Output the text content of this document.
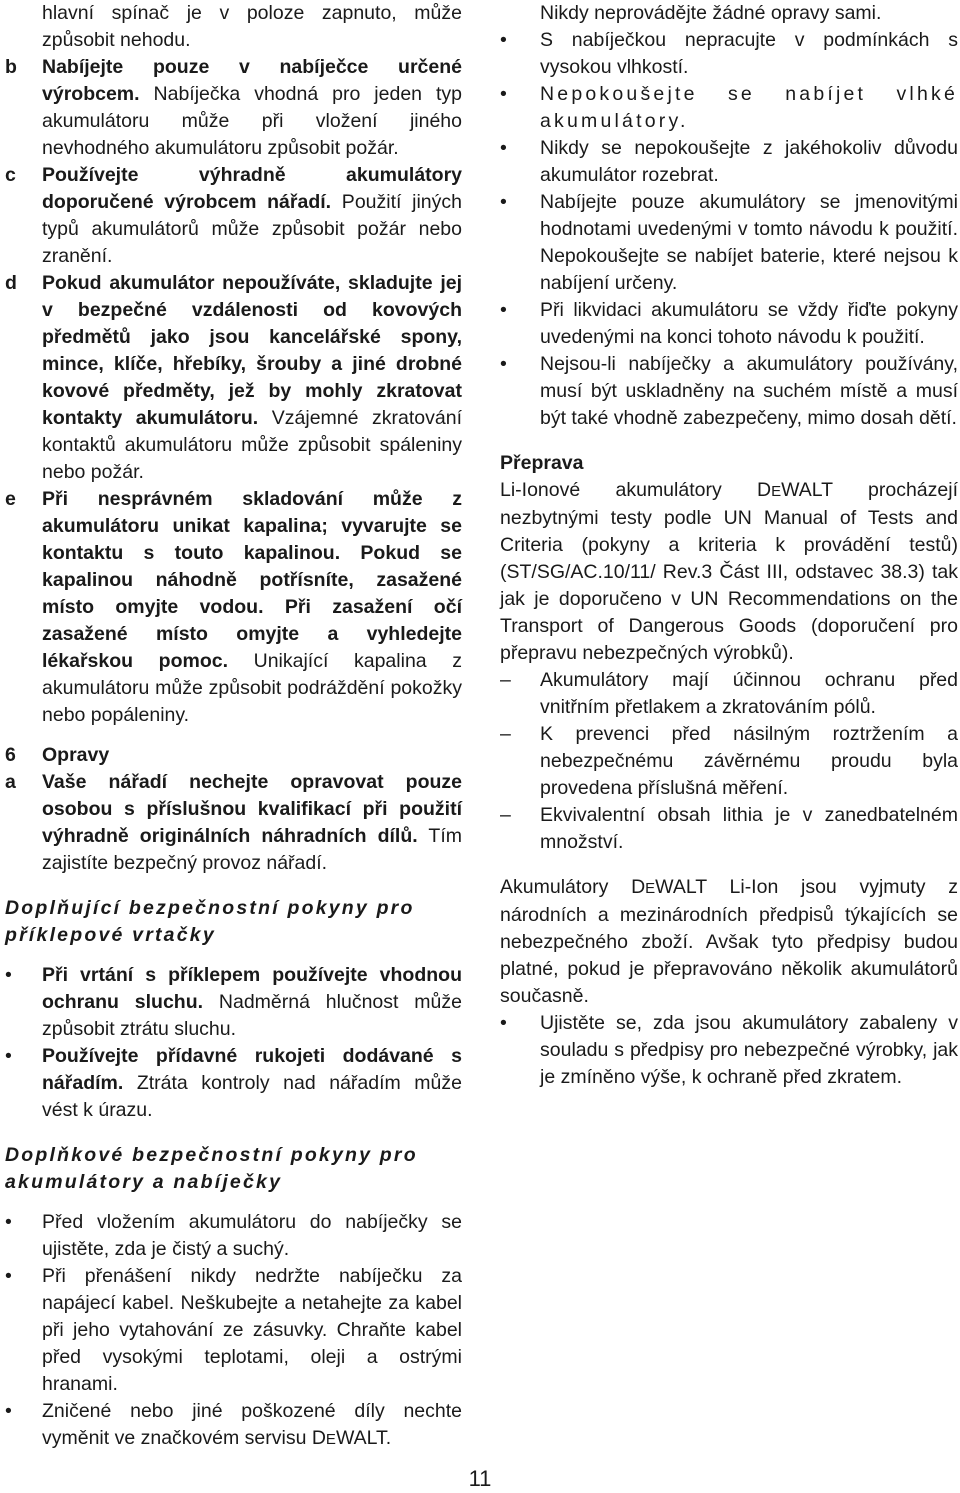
hlavní spínač je v poloze zapnuto, může způsobit nehodu.

b Nabíjejte pouze v nabíječce určené výrobcem. Nabíječka vhodná pro jeden typ akumulátoru může při vložení jiného nevhodného akumulátoru způsobit požár.

c Používejte výhradně akumulátory doporučené výrobcem nářadí. Použití jiných typů akumulátorů může způsobit požár nebo zranění.

d Pokud akumulátor nepoužíváte, skladujte jej v bezpečné vzdálenosti od kovových předmětů jako jsou kancelářské spony, mince, klíče, hřebíky, šrouby a jiné drobné kovové předměty, jež by mohly zkratovat kontakty akumulátoru. Vzájemné zkratování kontaktů akumulátoru může způsobit spáleniny nebo požár.

e Při nesprávném skladování může z akumulátoru unikat kapalina; vyvarujte se kontaktu s touto kapalinou. Pokud se kapalinou náhodně potřísníte, zasažené místo omyjte vodou. Při zasažení očí zasažené místo omyjte a vyhledejte lékařskou pomoc. Unikající kapalina z akumulátoru může způsobit podráždění pokožky nebo popáleniny.

6 Opravy

a Vaše nářadí nechejte opravovat pouze osobou s příslušnou kvalifikací při použití výhradně originálních náhradních dílů. Tím zajistíte bezpečný provoz nářadí.

Doplňující bezpečnostní pokyny pro příklepové vrtačky

• Při vrtání s příklepem používejte vhodnou ochranu sluchu. Nadměrná hlučnost může způsobit ztrátu sluchu.

• Používejte přídavné rukojeti dodávané s nářadím. Ztráta kontroly nad nářadím může vést k úrazu.

Doplňkové bezpečnostní pokyny pro akumulátory a nabíječky

• Před vložením akumulátoru do nabíječky se ujistěte, zda je čistý a suchý.

• Při přenášení nikdy nedržte nabíječku za napájecí kabel. Neškubejte a netahejte za kabel při jeho vytahování ze zásuvky. Chraňte kabel před vysokými teplotami, oleji a ostrými hranami.

• Zničené nebo jiné poškozené díly nechte vyměnit ve značkovém servisu DEWALT.

Nikdy neprovádějte žádné opravy sami.

• S nabíječkou nepracujte v podmínkách s vysokou vlhkostí.

• Nepokoušejte se nabíjet vlhké akumulátory.

• Nikdy se nepokoušejte z jakéhokoliv důvodu akumulátor rozebrat.

• Nabíjejte pouze akumulátory se jmenovitými hodnotami uvedenými v tomto návodu k použití. Nepokoušejte se nabíjet baterie, které nejsou k nabíjení určeny.

• Při likvidaci akumulátoru se vždy řiďte pokyny uvedenými na konci tohoto návodu k použití.

• Nejsou-li nabíječky a akumulátory používány, musí být uskladněny na suchém místě a musí být také vhodně zabezpečeny, mimo dosah dětí.

Přeprava

Li-Ionové akumulátory DEWALT procházejí nezbytnými testy podle UN Manual of Tests and Criteria (pokyny a kriteria k provádění testů) (ST/SG/AC.10/11/ Rev.3 Část III, odstavec 38.3) tak jak je doporučeno v UN Recommendations on the Transport of Dangerous Goods (doporučení pro přepravu nebezpečných výrobků).

– Akumulátory mají účinnou ochranu před vnitřním přetlakem a zkratováním pólů.

– K prevenci před násilným roztržením a nebezpečnému závěrnému proudu byla provedena příslušná měření.

– Ekvivalentní obsah lithia je v zanedbatelném množství.

Akumulátory DEWALT Li-Ion jsou vyjmuty z národních a mezinárodních předpisů týkajících se nebezpečného zboží. Avšak tyto předpisy budou platné, pokud je přepravováno několik akumulátorů současně.

• Ujistěte se, zda jsou akumulátory zabaleny v souladu s předpisy pro nebezpečné výrobky, jak je zmíněno výše, k ochraně před zkratem.

11
